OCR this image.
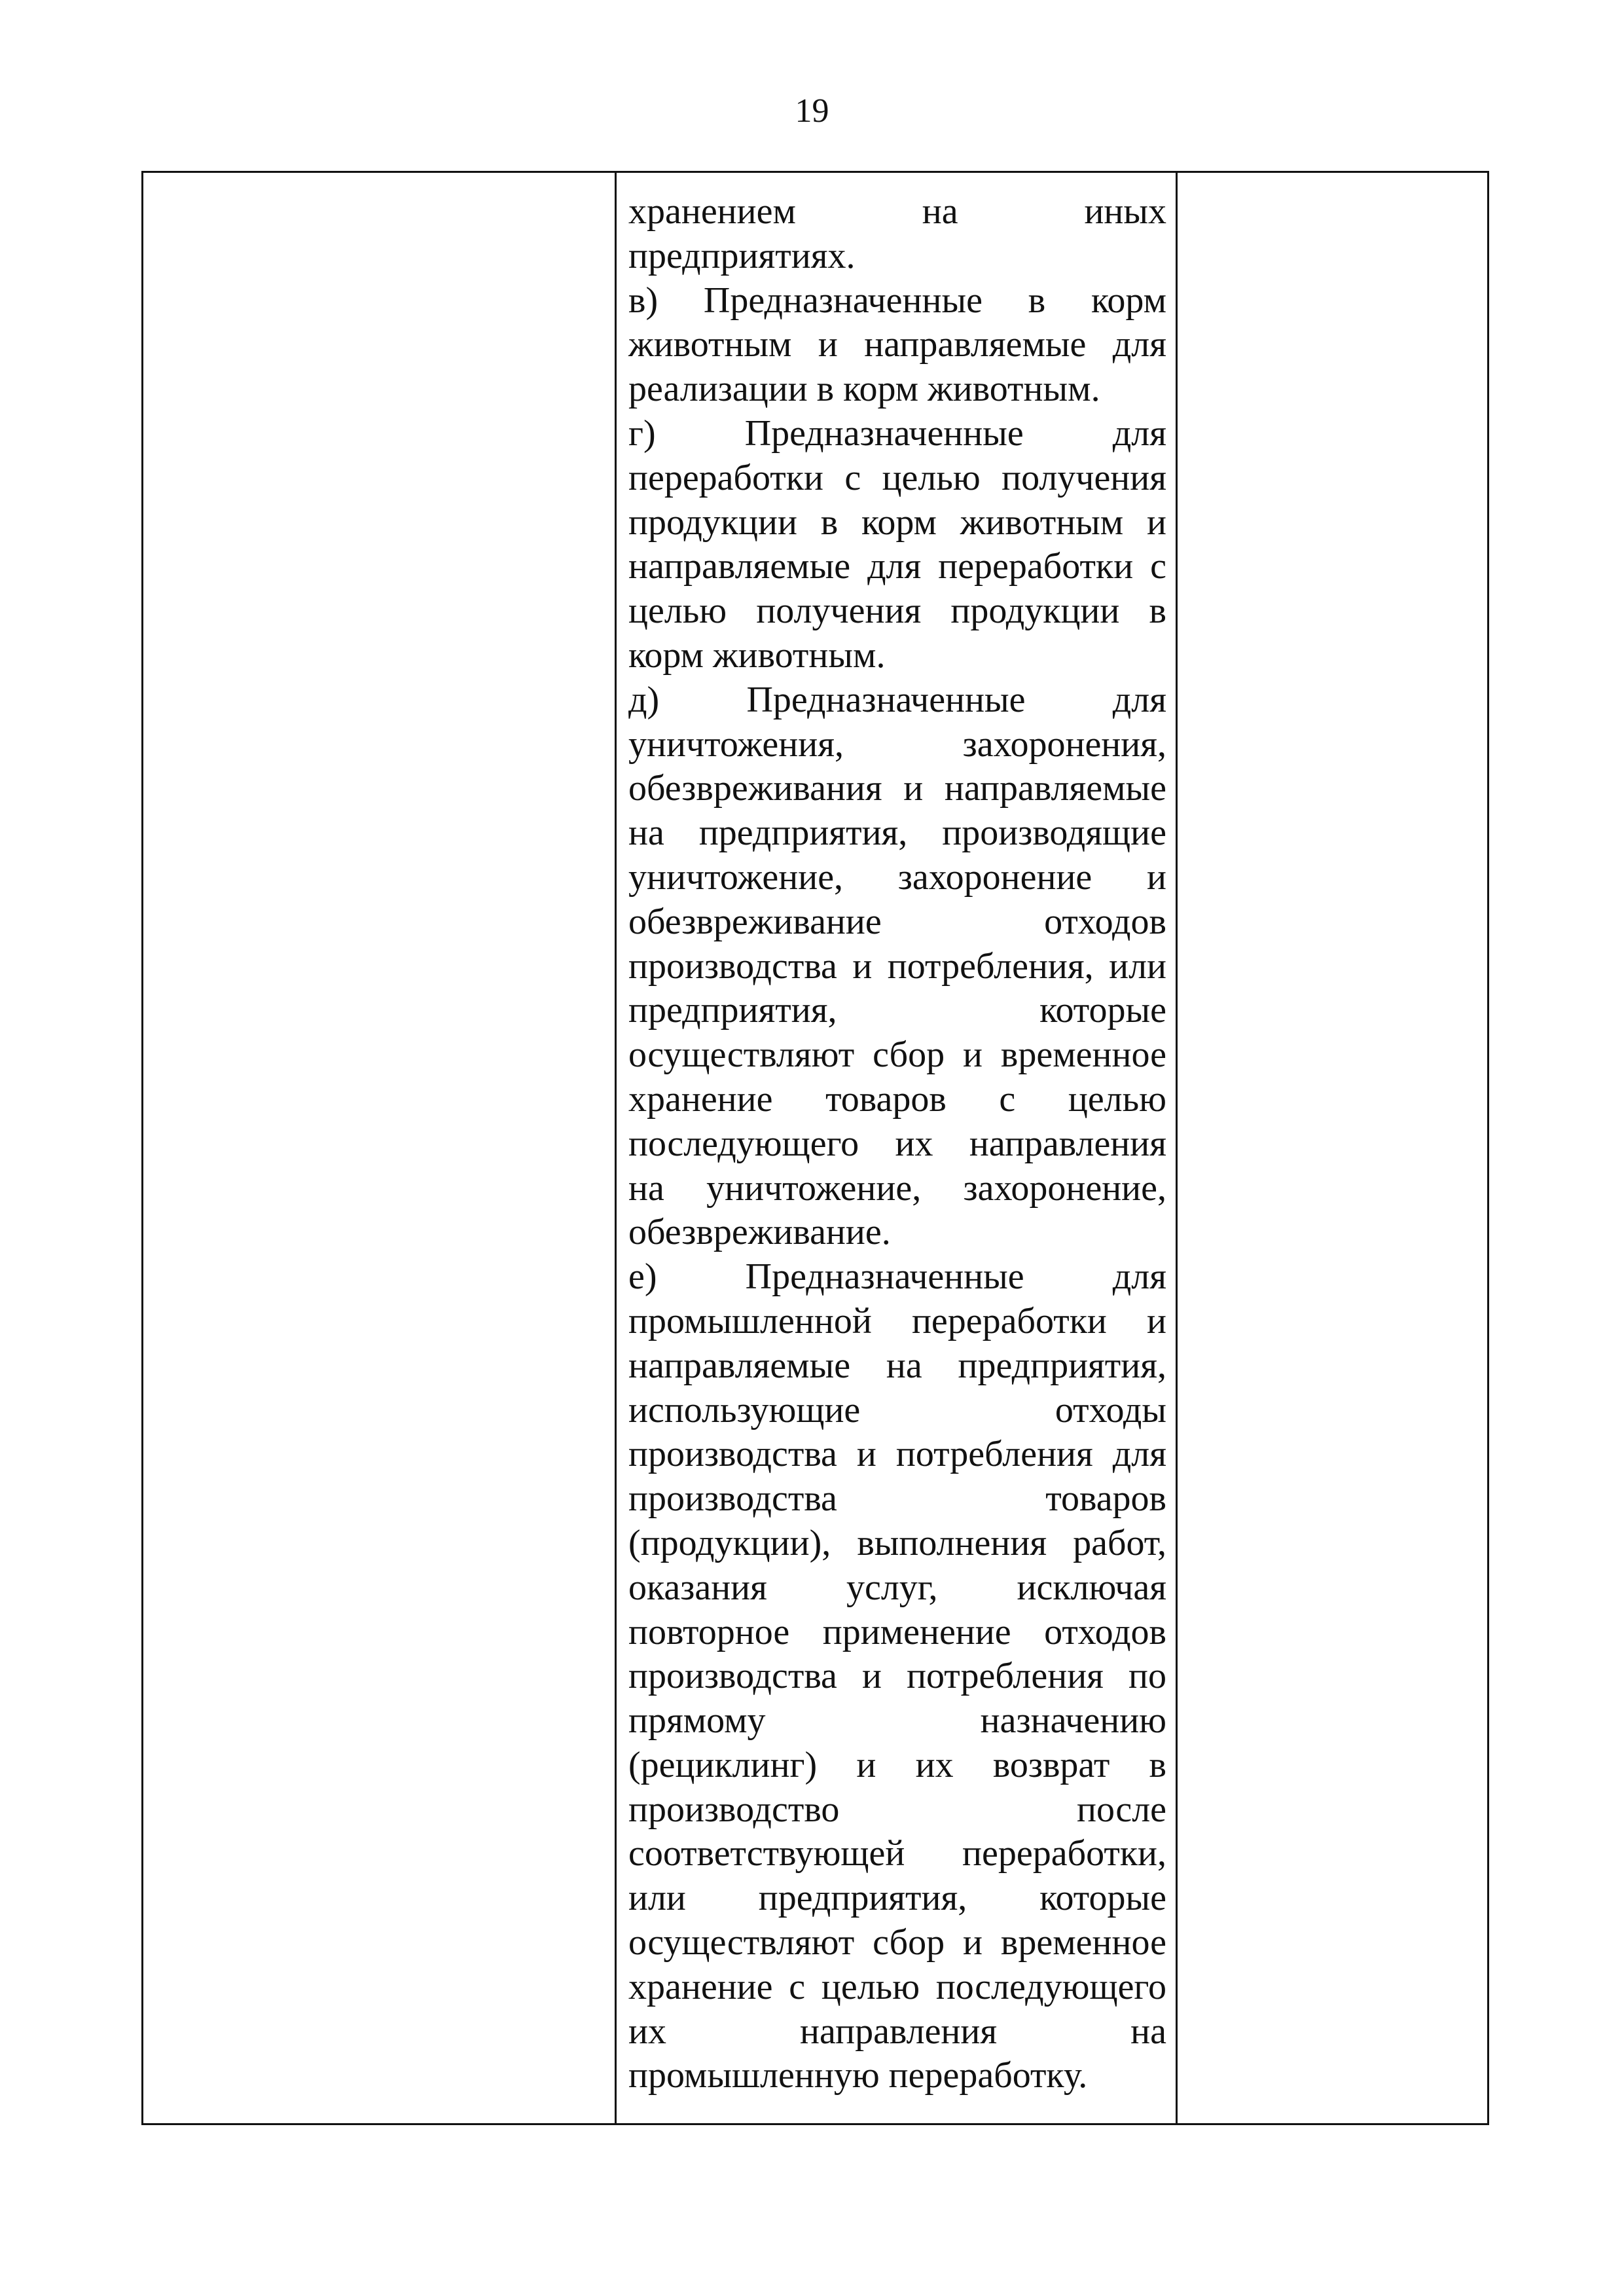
19
хранением на иных
предприятиях.
в) Предназначенные в корм
животным и направляемые для
реализации в корм животным.
г) Предназначенные для
переработки с целью получения
продукции в корм животным и
направляемые для переработки с
целью получения продукции в
корм животным.
д) Предназначенные для
уничтожения, захоронения,
обезвреживания и направляемые
на предприятия, производящие
уничтожение, захоронение и
обезвреживание отходов
производства и потребления, или
предприятия, которые
осуществляют сбор и временное
хранение товаров с целью
последующего их направления
на уничтожение, захоронение,
обезвреживание.
е) Предназначенные для
промышленной переработки и
направляемые на предприятия,
использующие отходы
производства и потребления для
производства товаров
(продукции), выполнения работ,
оказания услуг, исключая
повторное применение отходов
производства и потребления по
прямому назначению
(рециклинг) и их возврат в
производство после
соответствующей переработки,
или предприятия, которые
осуществляют сбор и временное
хранение с целью последующего
их направления на
промышленную переработку.
